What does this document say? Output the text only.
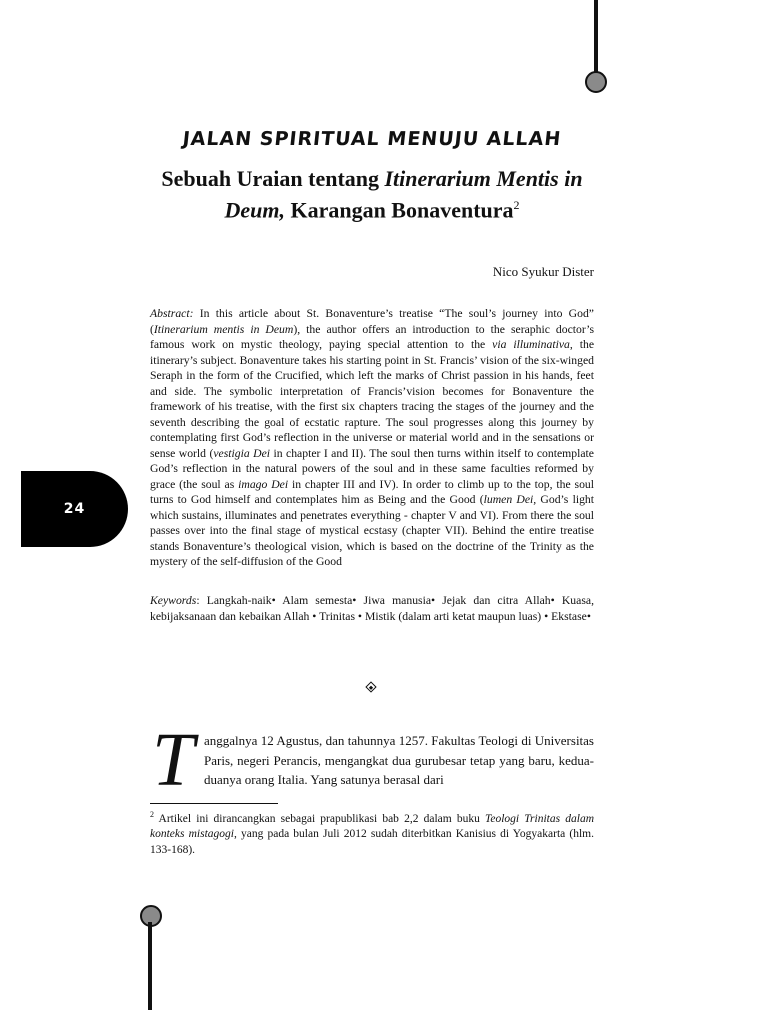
24
JALAN SPIRITUAL MENUJU ALLAH
Sebuah Uraian tentang Itinerarium Mentis in Deum, Karangan Bonaventura$^2$

Nico Syukur Dister

Abstract: In this article about St. Bonaventure’s treatise “The soul’s journey into God” (Itinerarium mentis in Deum), the author offers an introduction to the seraphic doctor’s famous work on mystic theology, paying special attention to the via illuminativa, the itinerary’s subject. Bonaventure takes his starting point in St. Francis’ vision of the six-winged Seraph in the form of the Crucified, which left the marks of Christ passion in his hands, feet and side. The symbolic interpretation of Francis’vision becomes for Bonaventure the framework of his treatise, with the first six chapters tracing the stages of the journey and the seventh describing the goal of ecstatic rapture. The soul progresses along this journey by contemplating first God’s reflection in the universe or material world and in the sensations or sense world (vestigia Dei in chapter I and II). The soul then turns within itself to contemplate God’s reflection in the natural powers of the soul and in these same faculties reformed by grace (the soul as imago Dei in chapter III and IV). In order to climb up to the top, the soul turns to God himself and contemplates him as Being and the Good (lumen Dei, God’s light which sustains, illuminates and penetrates everything - chapter V and VI). From there the soul passes over into the final stage of mystical ecstasy (chapter VII). Behind the entire treatise stands Bonaventure’s theological vision, which is based on the doctrine of the Trinity as the mystery of the self-diffusion of the Good

Keywords: Langkah-naik• Alam semesta• Jiwa manusia• Jejak dan citra Allah• Kuasa, kebijaksanaan dan kebaikan Allah • Trinitas • Mistik (dalam arti ketat maupun luas) • Ekstase•

T anggalnya 12 Agustus, dan tahunnya 1257. Fakultas Teologi di Universitas Paris, negeri Perancis, mengangkat dua gurubesar tetap yang baru, kedua-duanya orang Italia. Yang satunya berasal dari

$^2$ Artikel ini dirancangkan sebagai prapublikasi bab 2,2 dalam buku Teologi Trinitas dalam konteks mistagogi, yang pada bulan Juli 2012 sudah diterbitkan Kanisius di Yogyakarta (hlm. 133-168).
